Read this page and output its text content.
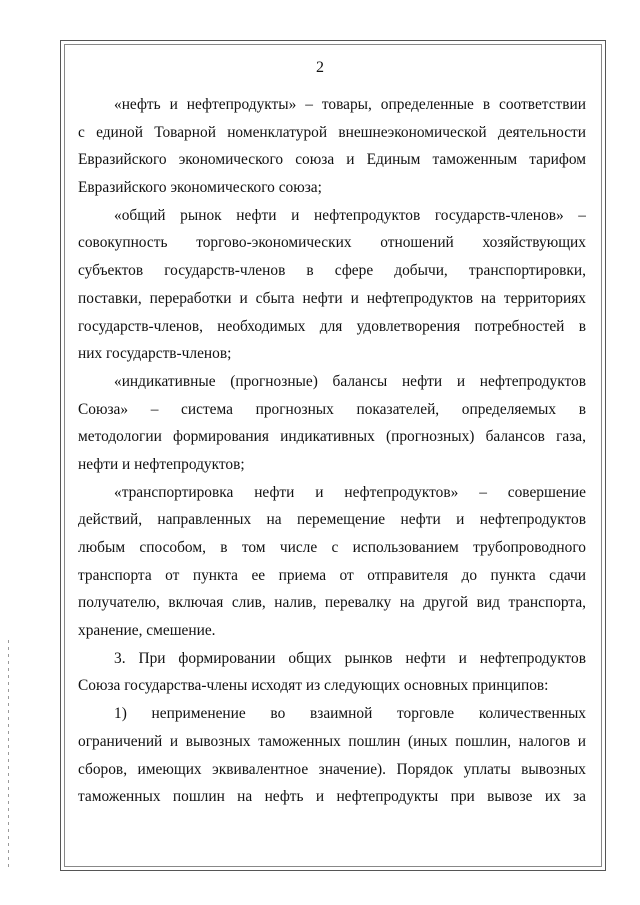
2
«нефть и нефтепродукты» – товары, определенные в соответствии
с единой Товарной номенклатурой внешнеэкономической деятельности
Евразийского экономического союза и Единым таможенным тарифом
Евразийского экономического союза;
«общий рынок нефти и нефтепродуктов государств-членов» –
совокупность торгово-экономических отношений хозяйствующих
субъектов государств-членов в сфере добычи, транспортировки,
поставки, переработки и сбыта нефти и нефтепродуктов на территориях
государств-членов, необходимых для удовлетворения потребностей в
них государств-членов;
«индикативные (прогнозные) балансы нефти и нефтепродуктов
Союза» – система прогнозных показателей, определяемых в
методологии формирования индикативных (прогнозных) балансов газа,
нефти и нефтепродуктов;
«транспортировка нефти и нефтепродуктов» – совершение
действий, направленных на перемещение нефти и нефтепродуктов
любым способом, в том числе с использованием трубопроводного
транспорта от пункта ее приема от отправителя до пункта сдачи
получателю, включая слив, налив, перевалку на другой вид транспорта,
хранение, смешение.
3. При формировании общих рынков нефти и нефтепродуктов
Союза государства-члены исходят из следующих основных принципов:
1) неприменение во взаимной торговле количественных
ограничений и вывозных таможенных пошлин (иных пошлин, налогов и
сборов, имеющих эквивалентное значение). Порядок уплаты вывозных
таможенных пошлин на нефть и нефтепродукты при вывозе их за
